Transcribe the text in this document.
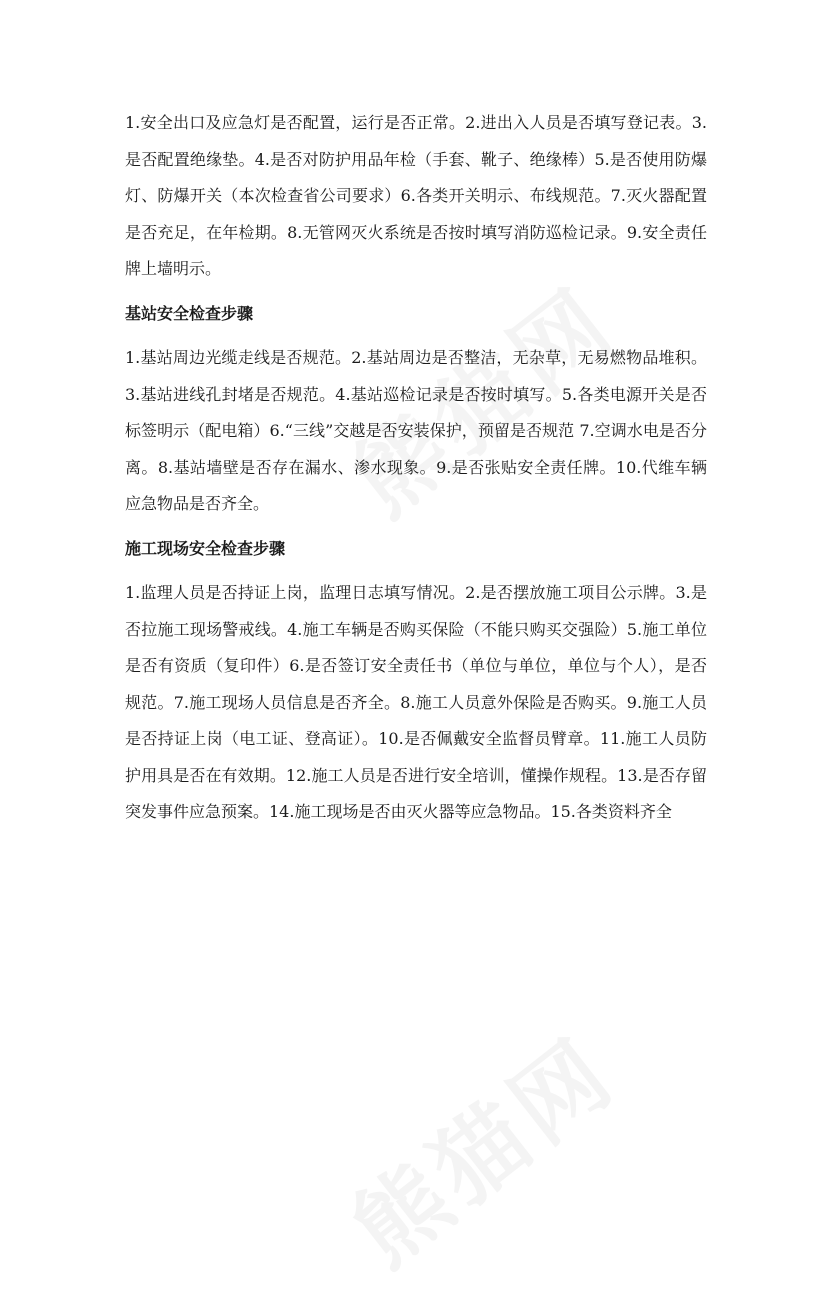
1.安全出口及应急灯是否配置，运行是否正常。2.进出入人员是否填写登记表。3.是否配置绝缘垫。4.是否对防护用品年检（手套、靴子、绝缘棒）5.是否使用防爆灯、防爆开关（本次检查省公司要求）6.各类开关明示、布线规范。7.灭火器配置是否充足，在年检期。8.无管网灭火系统是否按时填写消防巡检记录。9.安全责任牌上墙明示。

基站安全检查步骤

1.基站周边光缆走线是否规范。2.基站周边是否整洁，无杂草，无易燃物品堆积。3.基站进线孔封堵是否规范。4.基站巡检记录是否按时填写。5.各类电源开关是否标签明示（配电箱）6.“三线”交越是否安装保护，预留是否规范 7.空调水电是否分离。8.基站墙壁是否存在漏水、渗水现象。9.是否张贴安全责任牌。10.代维车辆应急物品是否齐全。

施工现场安全检查步骤

1.监理人员是否持证上岗，监理日志填写情况。2.是否摆放施工项目公示牌。3.是否拉施工现场警戒线。4.施工车辆是否购买保险（不能只购买交强险）5.施工单位是否有资质（复印件）6.是否签订安全责任书（单位与单位，单位与个人），是否规范。7.施工现场人员信息是否齐全。8.施工人员意外保险是否购买。9.施工人员是否持证上岗（电工证、登高证）。10.是否佩戴安全监督员臂章。11.施工人员防护用具是否在有效期。12.施工人员是否进行安全培训，懂操作规程。13.是否存留突发事件应急预案。14.施工现场是否由灭火器等应急物品。15.各类资料齐全
